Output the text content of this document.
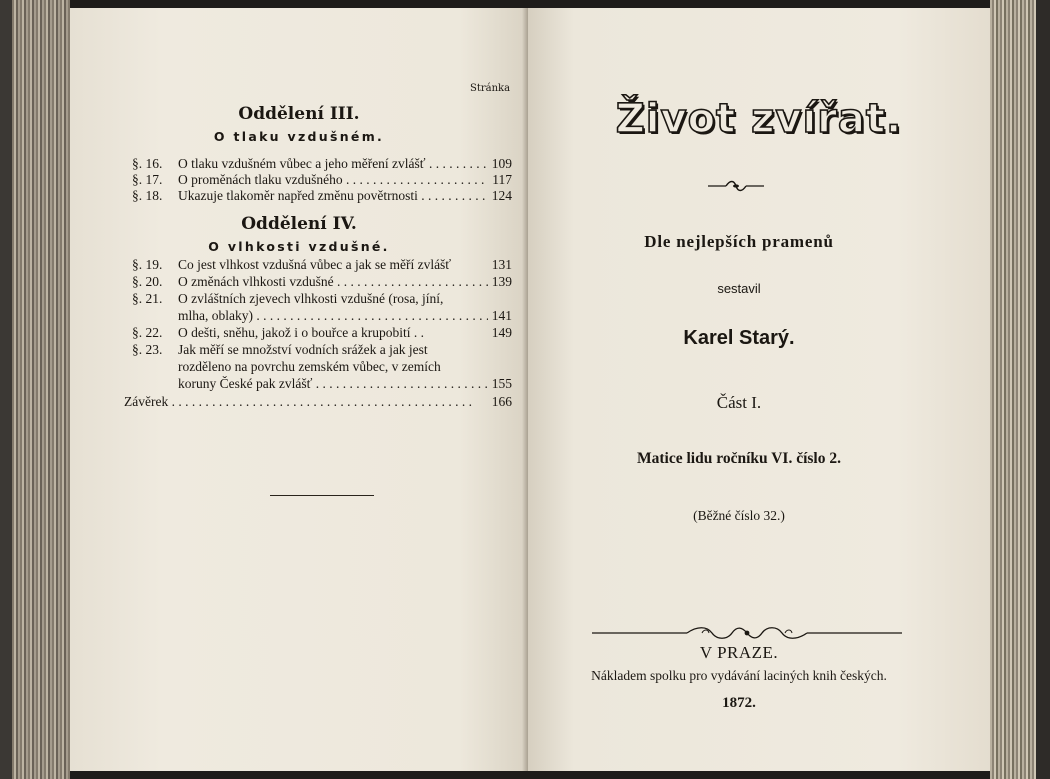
Stránka
Oddělení III.
O tlaku vzdušném.
§. 16.	O tlaku vzdušném vůbec a jeho měření zvlášť . . .	109
§. 17.	O proměnách tlaku vzdušného . . .	117
§. 18.	Ukazuje tlakoměr napřed změnu povětrnosti . . .	124
Oddělení IV.
O vlhkosti vzdušné.
§. 19.	Co jest vlhkost vzdušná vůbec a jak se měří zvlášť	131
§. 20.	O změnách vlhkosti vzdušné . . .	139
§. 21.	O zvláštních zjevech vlhkosti vzdušné (rosa, jíní,
mlha, oblaky) . . .	141
§. 22.	O dešti, sněhu, jakož i o bouřce a krupobití . .	149
§. 23.	Jak měří se množství vodních srážek a jak jest
rozděleno na povrchu zemském vůbec, v zemích
koruny České pak zvlášť . . .	155
Závěrek . . .	166
Život zvířat.
Dle nejlepších pramenů
sestavil
Karel Starý.
Část I.
Matice lidu ročníku VI. číslo 2.
(Běžné číslo 32.)
V PRAZE.
Nákladem spolku pro vydávání laciných knih českých.
1872.
